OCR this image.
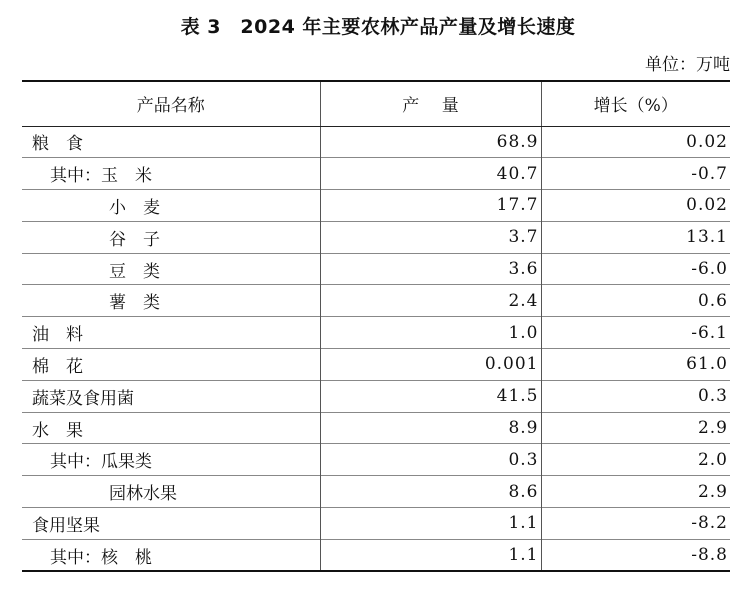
表 3　2024 年主要农林产品产量及增长速度
单位：万吨
产品名称	产　 量	增长（%）
粮　食	68.9	0.02
其中：玉　米	40.7	-0.7
小　麦	17.7	0.02
谷　子	3.7	13.1
豆　类	3.6	-6.0
薯　类	2.4	0.6
油　料	1.0	-6.1
棉　花	0.001	61.0
蔬菜及食用菌	41.5	0.3
水　果	8.9	2.9
其中：瓜果类	0.3	2.0
园林水果	8.6	2.9
食用坚果	1.1	-8.2
其中：核　桃	1.1	-8.8
